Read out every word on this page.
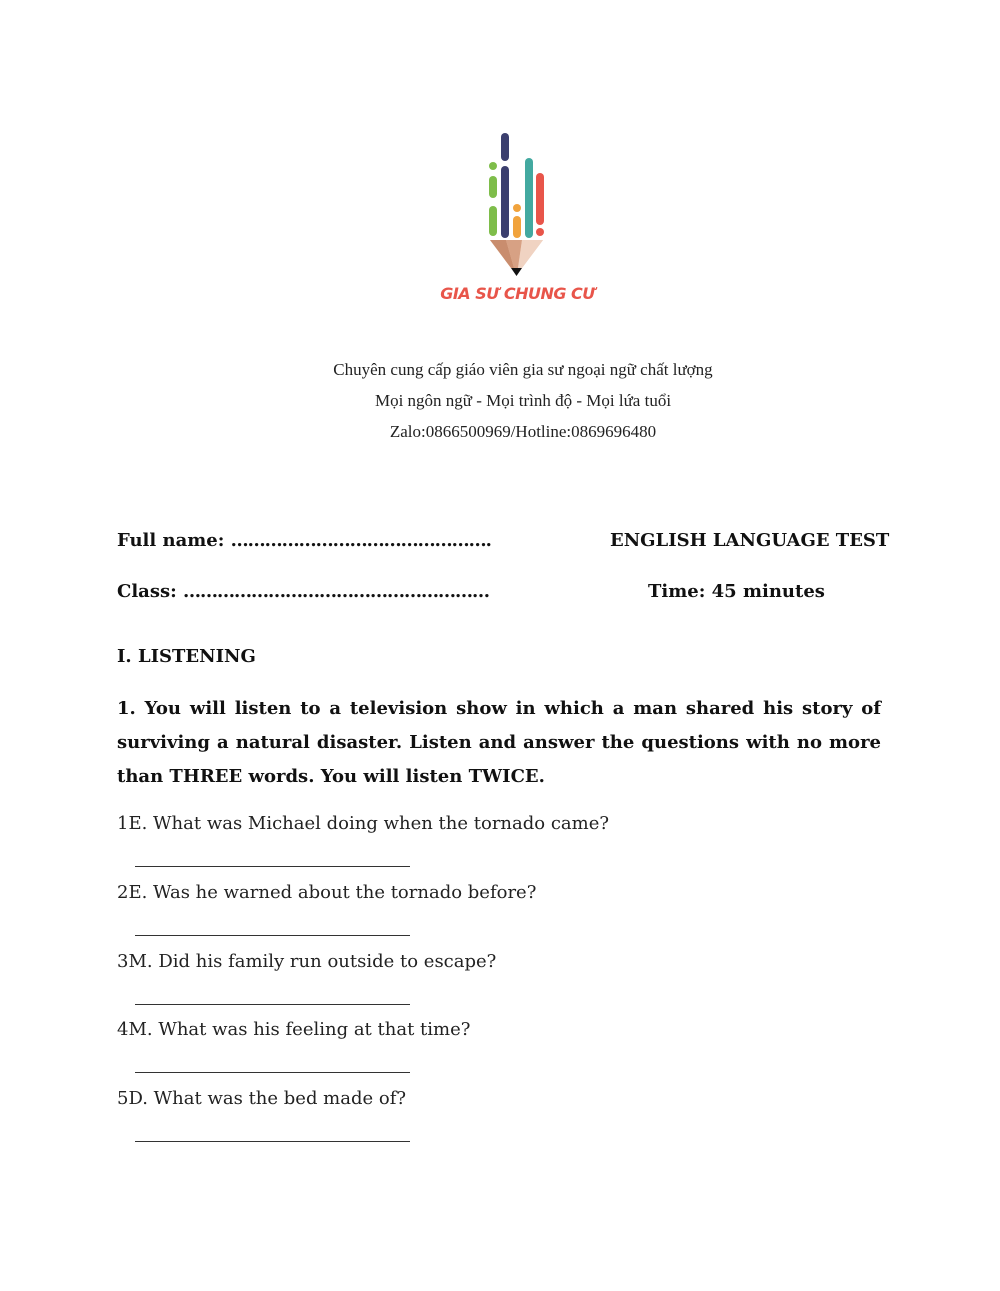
GIA SƯ CHUNG CƯ
Chuyên cung cấp giáo viên gia sư ngoại ngữ chất lượng
Mọi ngôn ngữ - Mọi trình độ - Mọi lứa tuổi
Zalo:0866500969/Hotline:0869696480
Full name: ……………………………………….	ENGLISH LANGUAGE TEST
Class: ………………………………………………	Time: 45 minutes
I. LISTENING
1. You will listen to a television show in which a man shared his story of surviving a natural disaster. Listen and answer the questions with no more than THREE words. You will listen TWICE.
1E. What was Michael doing when the tornado came?
2E. Was he warned about the tornado before?
3M. Did his family run outside to escape?
4M. What was his feeling at that time?
5D. What was the bed made of?
